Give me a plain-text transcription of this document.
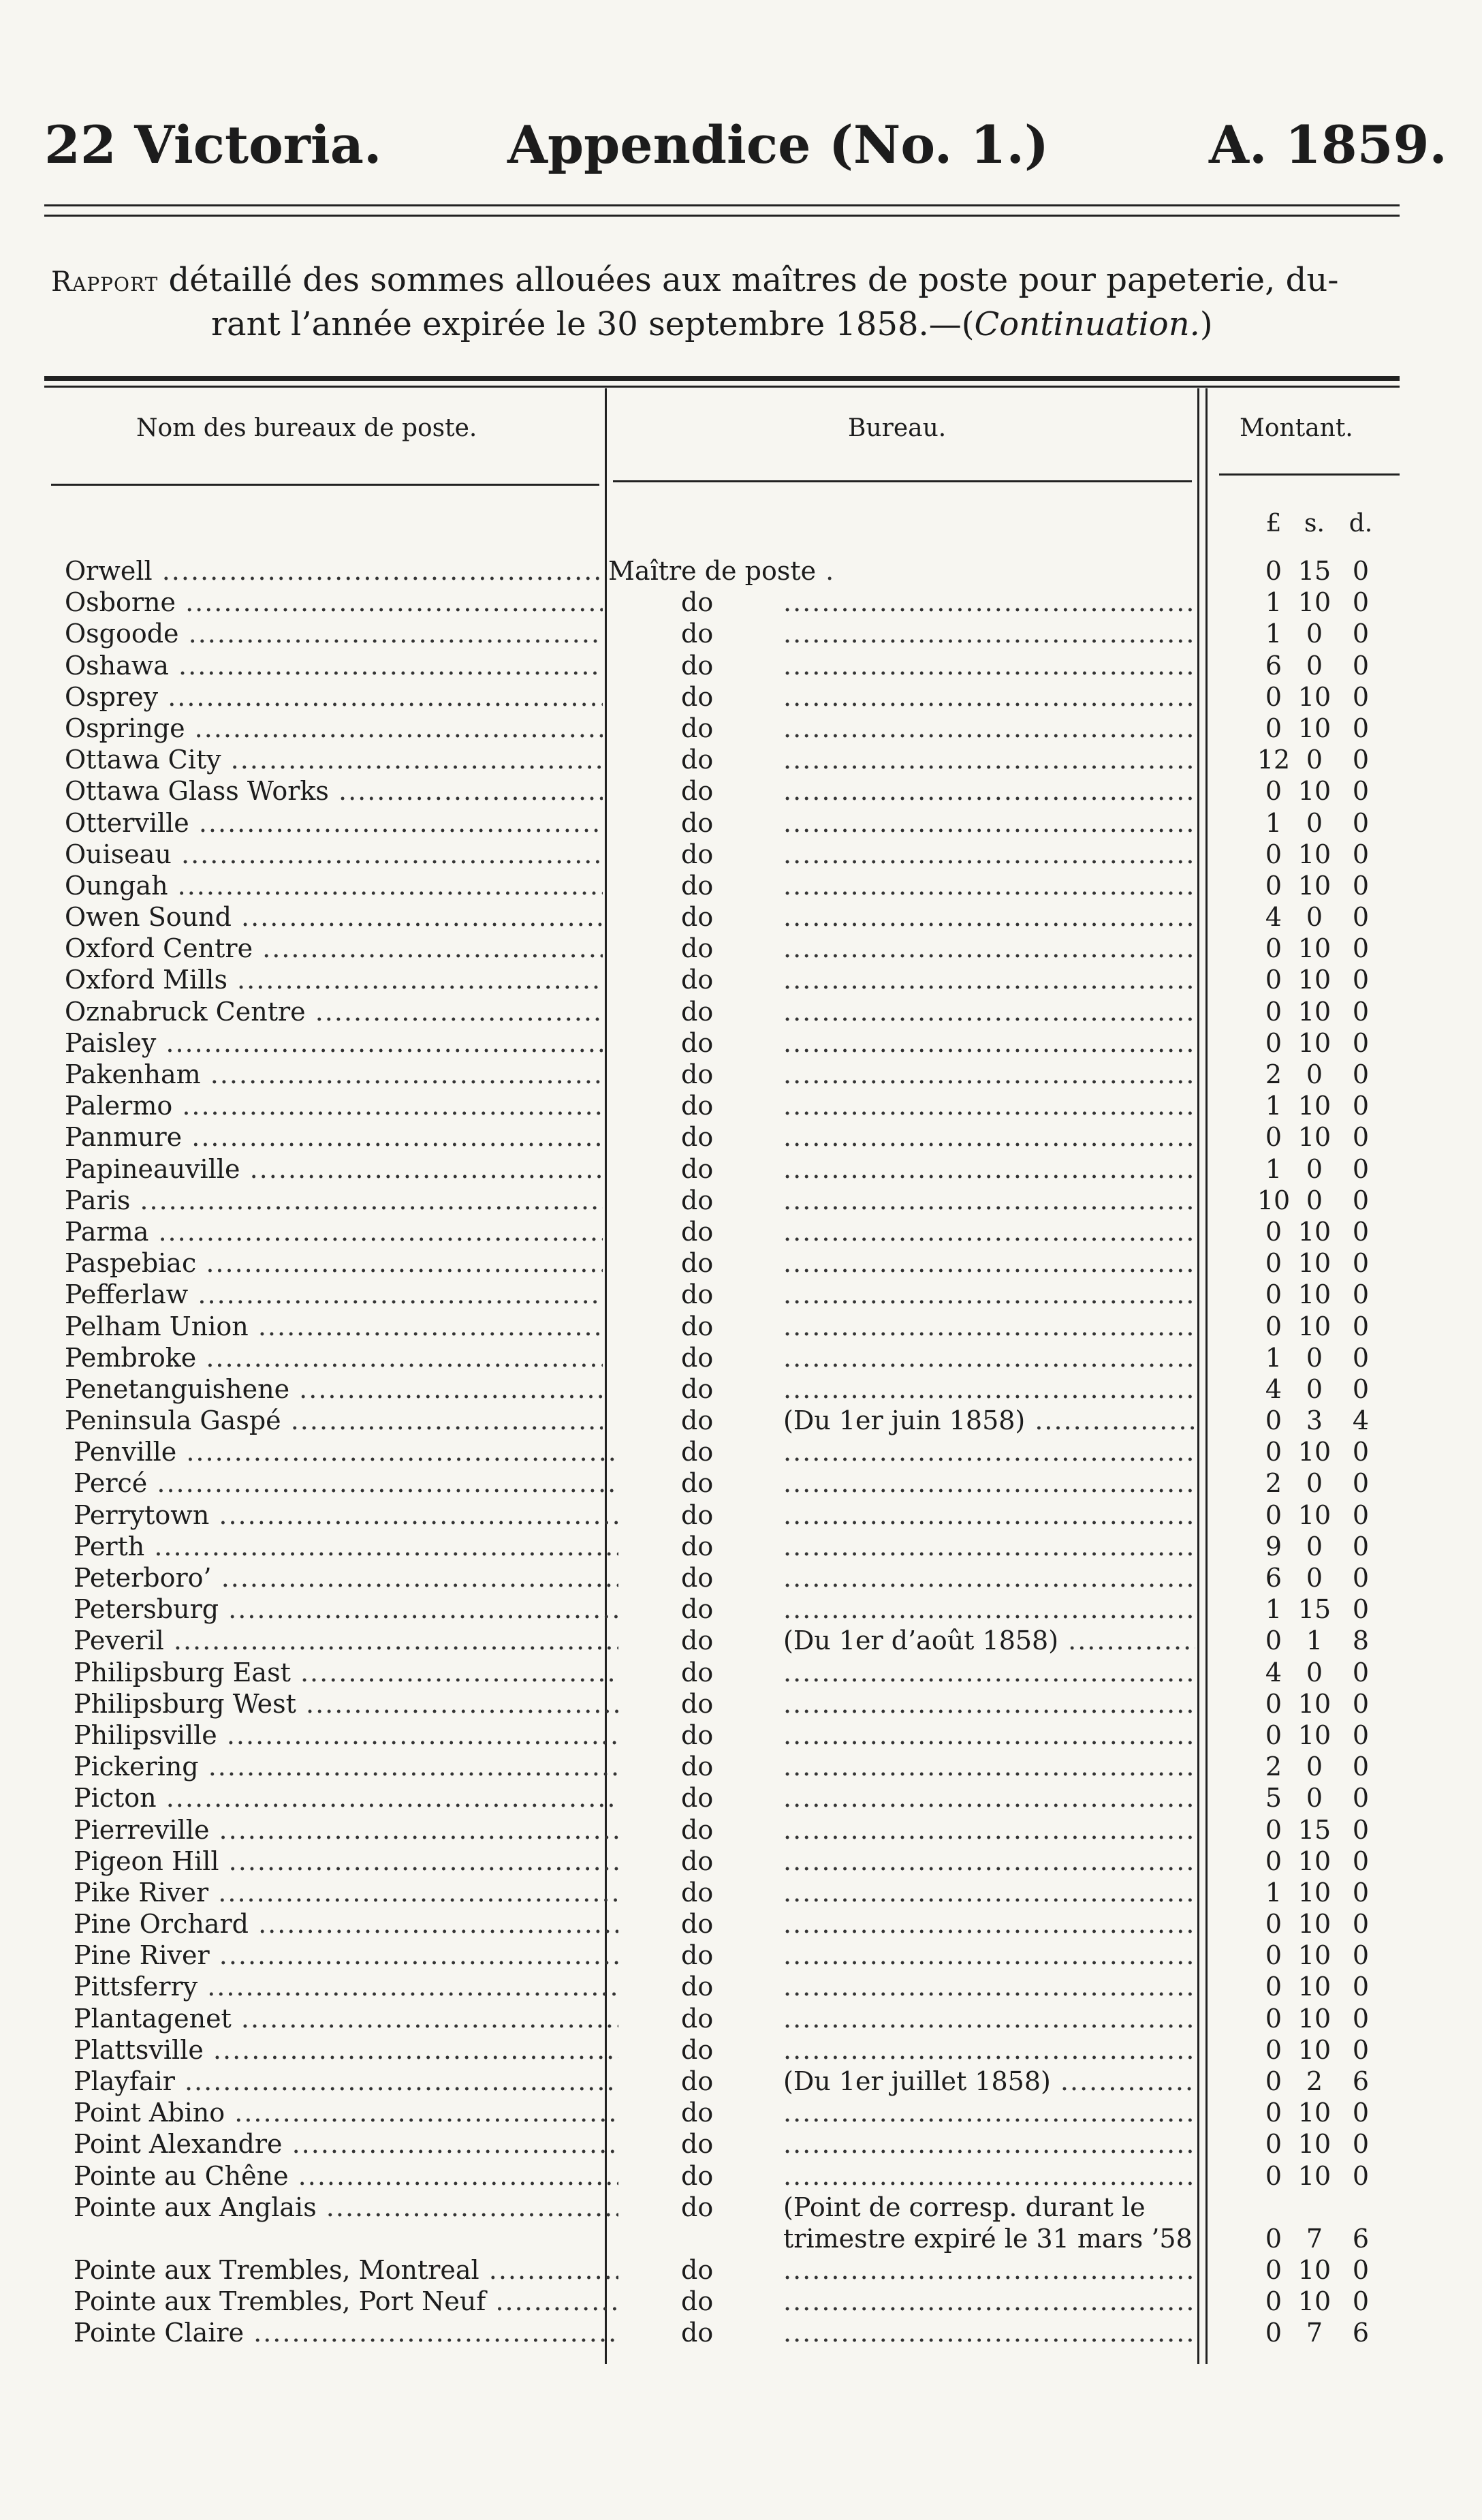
22 Victoria. Appendice (No. 1.)	A. 1859.
Rapport détaillé des sommes allouées aux maîtres de poste pour papeterie, du-
rant l’année expirée le 30 septembre 1858.—(Continuation.)
Nom des bureaux de poste.	Bureau.	Montant.
£ s. d.
Orwell .....	Maître de poste .....	0 15 0
Osborne .....	do .....	1 10 0
Osgoode .....	do .....	1 0	0
Oshawa .....	do .....	6 0	0
Osprey .....	do .....	0 10 0
Ospringe .....	do .....	0 10 0
Ottawa City .....	do .....	12 0	0
Ottawa Glass Works .....	do .....	0 10 0
Otterville .....	do .....	1 0	0
Ouiseau .....	do .....	0 10 0
Oungah .....	do .....	0 10 0
Owen Sound .....	do .....	4 0	0
Oxford Centre .....	do .....	0 10 0
Oxford Mills .....	do .....	0 10 0
Oznabruck Centre .....	do .....	0 10 0
Paisley .....	do .....	0 10 0
Pakenham .....	do .....	2 0	0
Palermo .....	do .....	1 10 0
Panmure .....	do .....	0 10 0
Papineauville .....	do .....	1 0	0
Paris .....	do .....	10 0	0
Parma .....	do .....	0 10 0
Paspebiac .....	do .....	0 10 0
Pefferlaw .....	do .....	0 10 0
Pelham Union .....	do .....	0 10 0
Pembroke .....	do .....	1 0	0
Penetanguishene .....	do .....	4 0	0
Peninsula Gaspé .....	do	(Du 1er juin 1858) .....	0 3	4
Penville .....	do .....	0 10 0
Percé .....	do .....	2 0	0
Perrytown .....	do .....	0 10 0
Perth .....	do .....	9 0	0
Peterboro’ .....	do .....	6 0	0
Petersburg .....	do .....	1 15 0
Peveril .....	do	(Du 1er d’août 1858) .....	0 1	8
Philipsburg East .....	do .....	4 0	0
Philipsburg West .....	do .....	0 10 0
Philipsville .....	do .....	0 10 0
Pickering .....	do .....	2 0	0
Picton .....	do .....	5 0	0
Pierreville .....	do .....	0 15 0
Pigeon Hill .....	do .....	0 10 0
Pike River .....	do .....	1 10 0
Pine Orchard .....	do .....	0 10 0
Pine River .....	do .....	0 10 0
Pittsferry .....	do .....	0 10 0
Plantagenet .....	do .....	0 10 0
Plattsville .....	do .....	0 10 0
Playfair .....	do	(Du 1er juillet 1858) .....	0 2	6
Point Abino .....	do .....	0 10 0
Point Alexandre .....	do .....	0 10 0
Pointe au Chêne .....	do .....	0 10 0
Pointe aux Anglais .....	do	(Point de corresp. durant le trimestre expiré le 31 mars ’58	0 7	6
Pointe aux Trembles, Montreal .....	do .....	0 10 0
Pointe aux Trembles, Port Neuf .....	do .....	0 10 0
Pointe Claire .....	do .....	0 7	6
